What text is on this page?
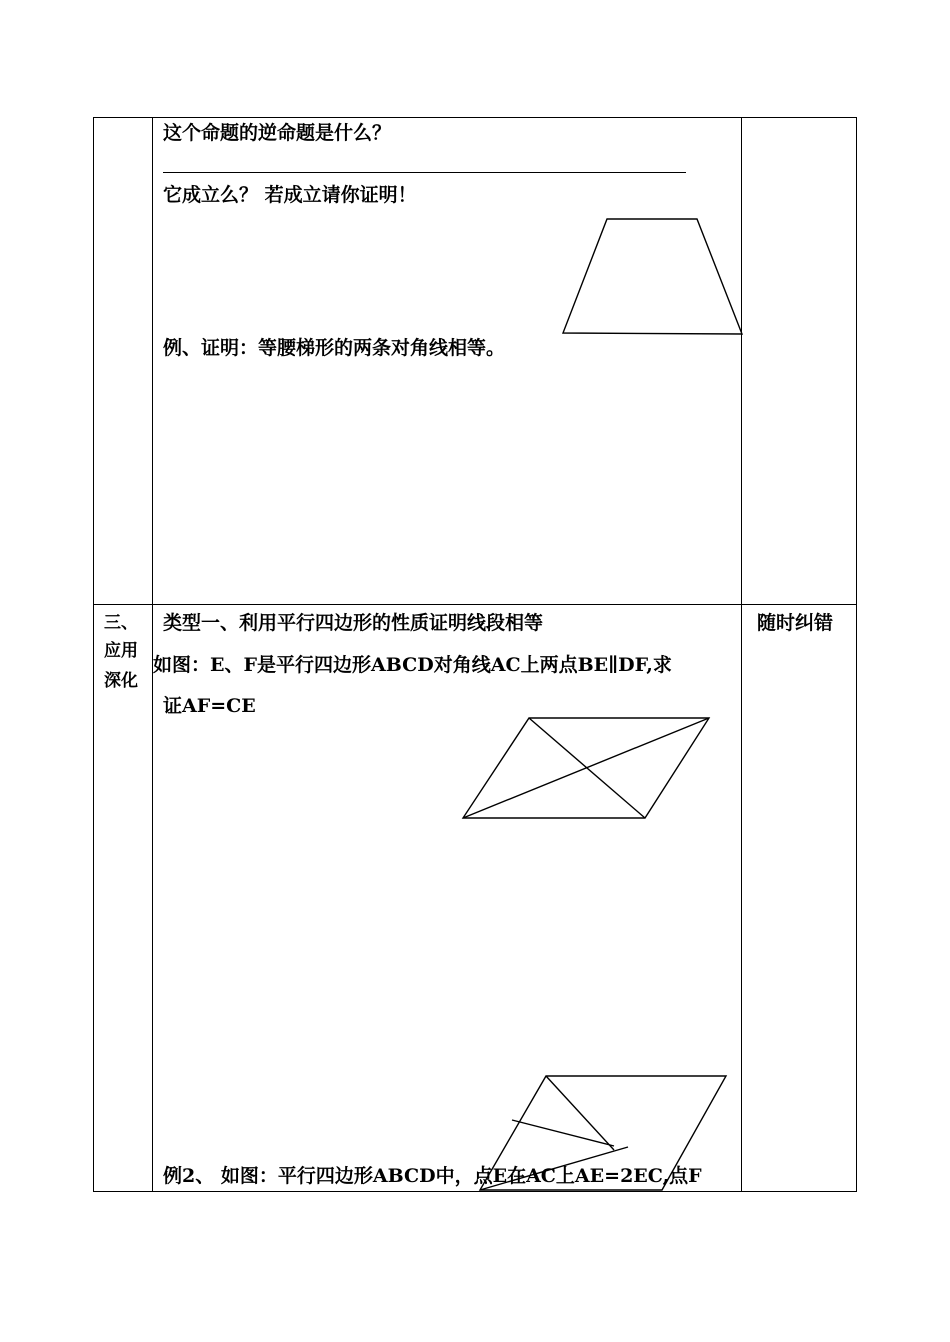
这个命题的逆命题是什么？
它成立么？ 若成立请你证明！
例、证明：等腰梯形的两条对角线相等。
三、
应用
深化
类型一、利用平行四边形的性质证明线段相等
如图：E、F是平行四边形ABCD对角线AC上两点BE∥DF,求
证AF=CE
随时纠错
例2、 如图：平行四边形ABCD中，点E在AC上AE=2EC,点F
